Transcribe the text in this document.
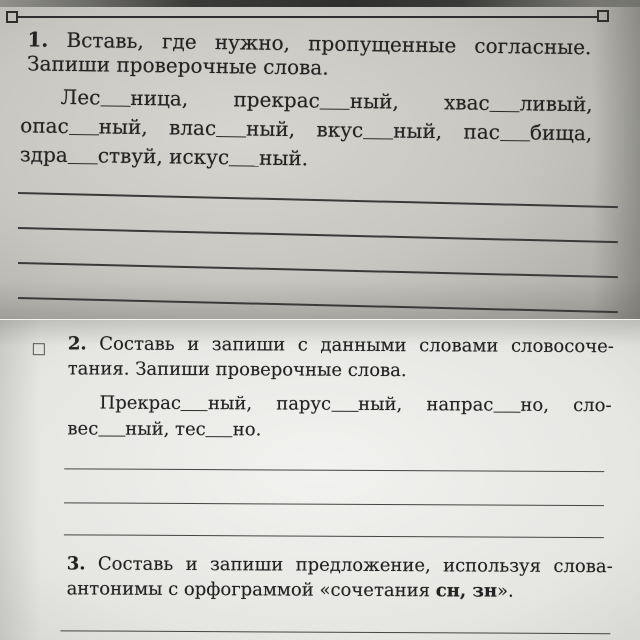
1. Вставь, где нужно, пропущенные согласные.
Запиши проверочные слова.
Лес ница, прекрас ный, хвас ливый,
опас ный, влас ный, вкус ный, пас бища,
здра ствуй, искус ный.
2. Составь и запиши с данными словами словосоче-
тания. Запиши проверочные слова.
Прекрас ный, парус ный, напрас но, сло-
вес ный, тес но.
3. Составь и запиши предложение, используя слова-
антонимы с орфограммой «сочетания сн, зн».
